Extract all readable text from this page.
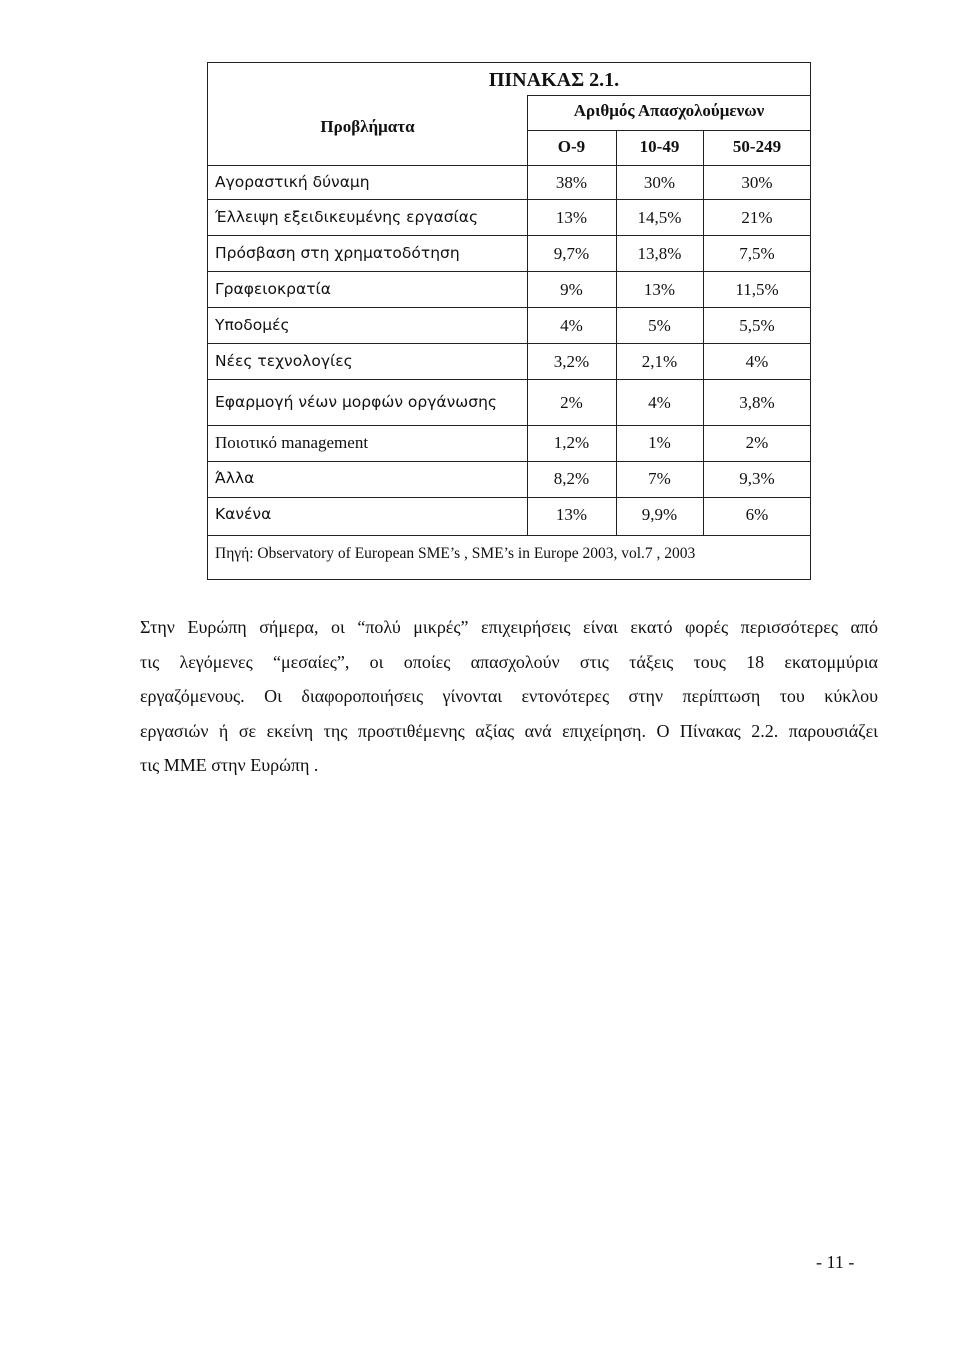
ΠΙΝΑΚΑΣ 2.1.
Προβλήματα
Αριθμός Απασχολούμενων
Ο-9	10-49	50-249
Αγοραστική δύναμη	38%	30%	30%
Έλλειψη εξειδικευμένης εργασίας	13%	14,5%	21%
Πρόσβαση στη χρηματοδότηση	9,7%	13,8%	7,5%
Γραφειοκρατία	9%	13%	11,5%
Υποδομές	4%	5%	5,5%
Νέες τεχνολογίες	3,2%	2,1%	4%
Εφαρμογή νέων μορφών οργάνωσης	2%	4%	3,8%
Ποιοτικό management	1,2%	1%	2%
Άλλα	8,2%	7%	9,3%
Κανένα	13%	9,9%	6%
Πηγή: Observatory of European SME’s , SME’s in Europe 2003, vol.7 , 2003
Στην Ευρώπη σήμερα, οι “πολύ μικρές” επιχειρήσεις είναι εκατό φορές περισσότερες από
τις λεγόμενες “μεσαίες”, οι οποίες απασχολούν στις τάξεις τους 18 εκατομμύρια
εργαζόμενους. Οι διαφοροποιήσεις γίνονται εντονότερες στην περίπτωση του κύκλου
εργασιών ή σε εκείνη της προστιθέμενης αξίας ανά επιχείρηση. Ο Πίνακας 2.2. παρουσιάζει
τις ΜΜΕ στην Ευρώπη .
- 11 -
